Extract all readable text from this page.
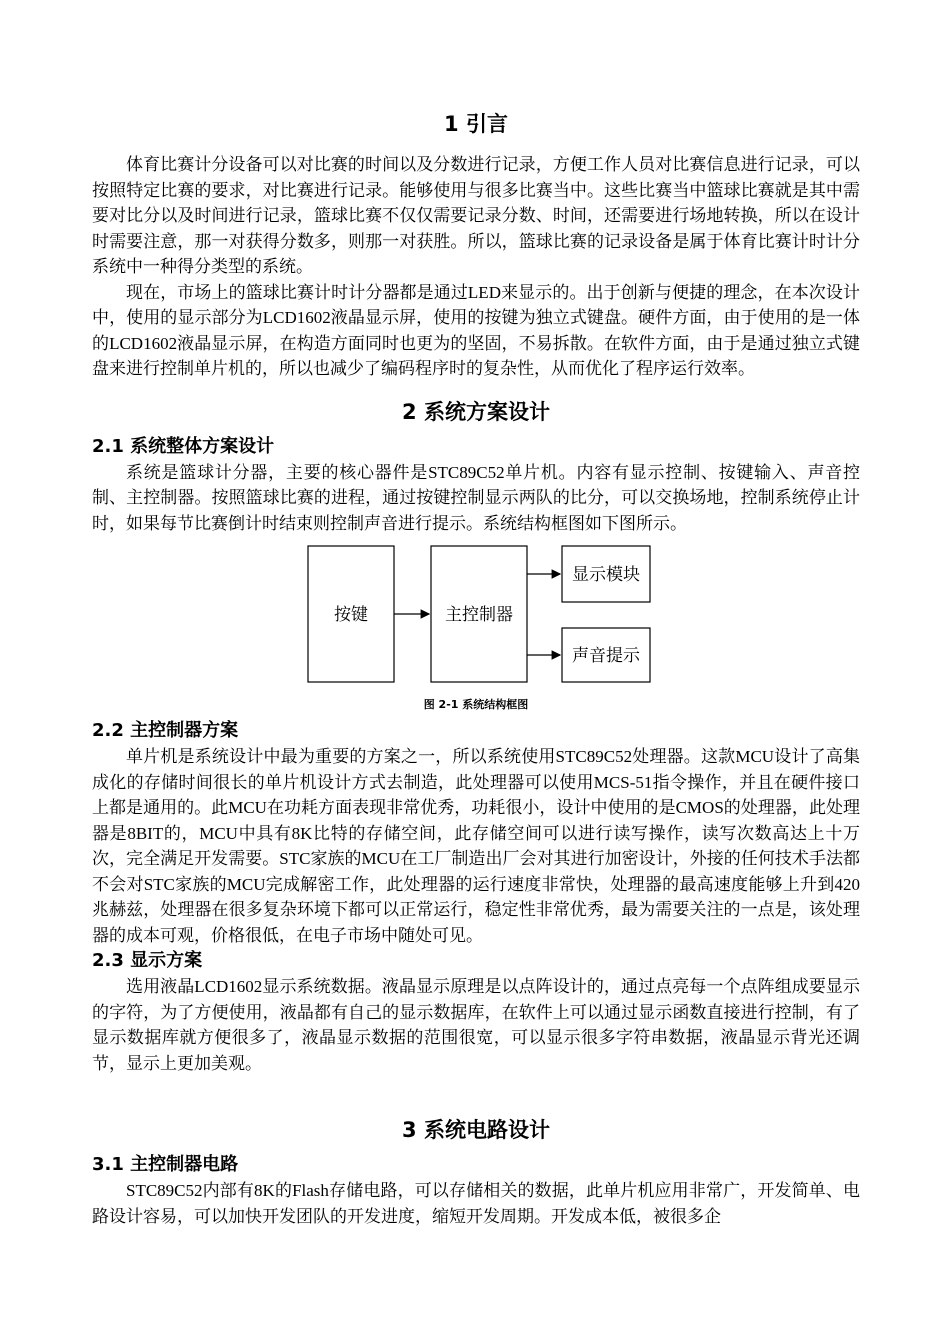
1 引言

体育比赛计分设备可以对比赛的时间以及分数进行记录，方便工作人员对比赛信息进行记录，可以按照特定比赛的要求，对比赛进行记录。能够使用与很多比赛当中。这些比赛当中篮球比赛就是其中需要对比分以及时间进行记录，篮球比赛不仅仅需要记录分数、时间，还需要进行场地转换，所以在设计时需要注意，那一对获得分数多，则那一对获胜。所以，篮球比赛的记录设备是属于体育比赛计时计分系统中一种得分类型的系统。

现在，市场上的篮球比赛计时计分器都是通过LED来显示的。出于创新与便捷的理念，在本次设计中，使用的显示部分为LCD1602液晶显示屏，使用的按键为独立式键盘。硬件方面，由于使用的是一体的LCD1602液晶显示屏，在构造方面同时也更为的坚固，不易拆散。在软件方面，由于是通过独立式键盘来进行控制单片机的，所以也减少了编码程序时的复杂性，从而优化了程序运行效率。

2 系统方案设计
2.1 系统整体方案设计

系统是篮球计分器，主要的核心器件是STC89C52单片机。内容有显示控制、按键输入、声音控制、主控制器。按照篮球比赛的进程，通过按键控制显示两队的比分，可以交换场地，控制系统停止计时，如果每节比赛倒计时结束则控制声音进行提示。系统结构框图如下图所示。

按键	主控制器
显示模块
声音提示

图 2-1 系统结构框图

2.2 主控制器方案

单片机是系统设计中最为重要的方案之一，所以系统使用STC89C52处理器。这款MCU设计了高集成化的存储时间很长的单片机设计方式去制造，此处理器可以使用MCS-51指令操作，并且在硬件接口上都是通用的。此MCU在功耗方面表现非常优秀，功耗很小，设计中使用的是CMOS的处理器，此处理器是8BIT的，MCU中具有8K比特的存储空间，此存储空间可以进行读写操作，读写次数高达上十万次，完全满足开发需要。STC家族的MCU在工厂制造出厂会对其进行加密设计，外接的任何技术手法都不会对STC家族的MCU完成解密工作，此处理器的运行速度非常快，处理器的最高速度能够上升到420兆赫兹，处理器在很多复杂环境下都可以正常运行，稳定性非常优秀，最为需要关注的一点是，该处理器的成本可观，价格很低，在电子市场中随处可见。

2.3 显示方案

选用液晶LCD1602显示系统数据。液晶显示原理是以点阵设计的，通过点亮每一个点阵组成要显示的字符，为了方便使用，液晶都有自己的显示数据库，在软件上可以通过显示函数直接进行控制，有了显示数据库就方便很多了，液晶显示数据的范围很宽，可以显示很多字符串数据，液晶显示背光还调节，显示上更加美观。

3 系统电路设计
3.1 主控制器电路

STC89C52内部有8K的Flash存储电路，可以存储相关的数据，此单片机应用非常广，开发简单、电路设计容易，可以加快开发团队的开发进度，缩短开发周期。开发成本低，被很多企
